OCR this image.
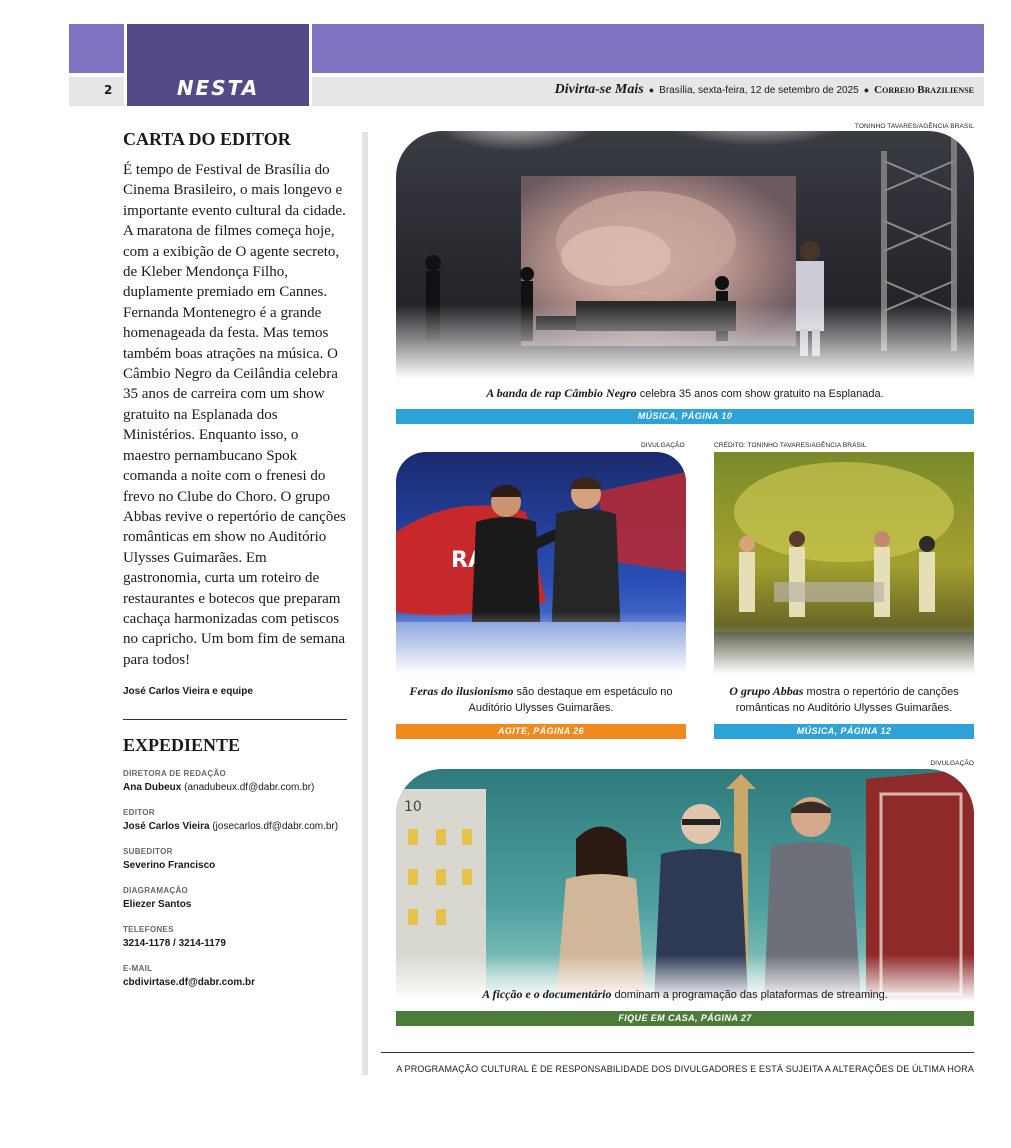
NESTA EDIÇÃO
2	Divirta-se Mais ● Brasília, sexta-feira, 12 de setembro de 2025 ● Correio Braziliense
CARTA DO EDITOR

É tempo de Festival de Brasília do Cinema Brasileiro, o mais longevo e importante evento cultural da cidade. A maratona de filmes começa hoje, com a exibição de O agente secreto, de Kleber Mendonça Filho, duplamente premiado em Cannes. Fernanda Montenegro é a grande homenageada da festa. Mas temos também boas atrações na música. O Câmbio Negro da Ceilândia celebra 35 anos de carreira com um show gratuito na Esplanada dos Ministérios. Enquanto isso, o maestro pernambucano Spok comanda a noite com o frenesi do frevo no Clube do Choro. O grupo Abbas revive o repertório de canções românticas em show no Auditório Ulysses Guimarães. Em gastronomia, curta um roteiro de restaurantes e botecos que preparam cachaça harmonizadas com petiscos no capricho. Um bom fim de semana para todos!

José Carlos Vieira e equipe
EXPEDIENTE
DIRETORA DE REDAÇÃO
Ana Dubeux (anadubeux.df@dabr.com.br)
EDITOR
José Carlos Vieira (josecarlos.df@dabr.com.br)
SUBEDITOR
Severino Francisco
DIAGRAMAÇÃO
Eliezer Santos
TELEFONES
3214-1178 / 3214-1179
E-MAIL
cbdivirtase.df@dabr.com.br
TONINHO TAVARES/AGÊNCIA BRASIL
A banda de rap Câmbio Negro celebra 35 anos com show gratuito na Esplanada.
MÚSICA, PÁGINA 10
DIVULGAÇÃO
Feras do ilusionismo são destaque em espetáculo no Auditório Ulysses Guimarães.
AGITE, PÁGINA 26
CRÉDITO: TONINHO TAVARES/AGÊNCIA BRASIL
O grupo Abbas mostra o repertório de canções românticas no Auditório Ulysses Guimarães.
MÚSICA, PÁGINA 12
DIVULGAÇÃO
A ficção e o documentário dominam a programação das plataformas de streaming.
FIQUE EM CASA, PÁGINA 27
A PROGRAMAÇÃO CULTURAL É DE RESPONSABILIDADE DOS DIVULGADORES E ESTÁ SUJEITA A ALTERAÇÕES DE ÚLTIMA HORA
